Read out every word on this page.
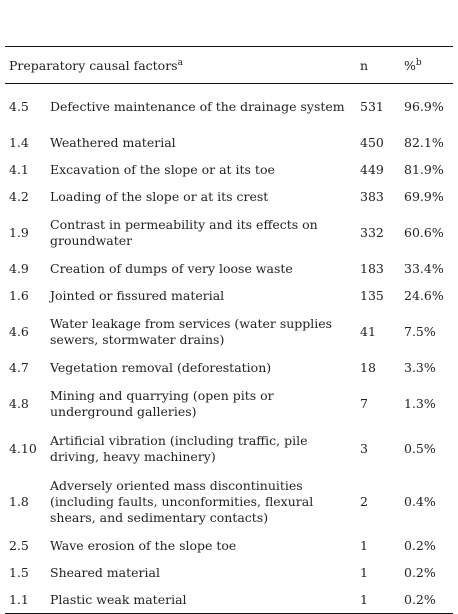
Preparatory causal factors$^a$		n	%$^b$

4.5	Defective maintenance of the drainage system	531	96.9%
1.4	Weathered material	450	82.1%
4.1	Excavation of the slope or at its toe	449	81.9%
4.2	Loading of the slope or at its crest	383	69.9%
1.9	Contrast in permeability and its effects on groundwater	332	60.6%
4.9	Creation of dumps of very loose waste	183	33.4%
1.6	Jointed or fissured material	135	24.6%
4.6	Water leakage from services (water supplies sewers, stormwater drains)	41	7.5%
4.7	Vegetation removal (deforestation)	18	3.3%
4.8	Mining and quarrying (open pits or underground galleries)	7	1.3%
4.10	Artificial vibration (including traffic, pile driving, heavy machinery)	3	0.5%
1.8	Adversely oriented mass discontinuities (including faults, unconformities, flexural shears, and sedimentary contacts)	2	0.4%
2.5	Wave erosion of the slope toe	1	0.2%
1.5	Sheared material	1	0.2%
1.1	Plastic weak material	1	0.2%
